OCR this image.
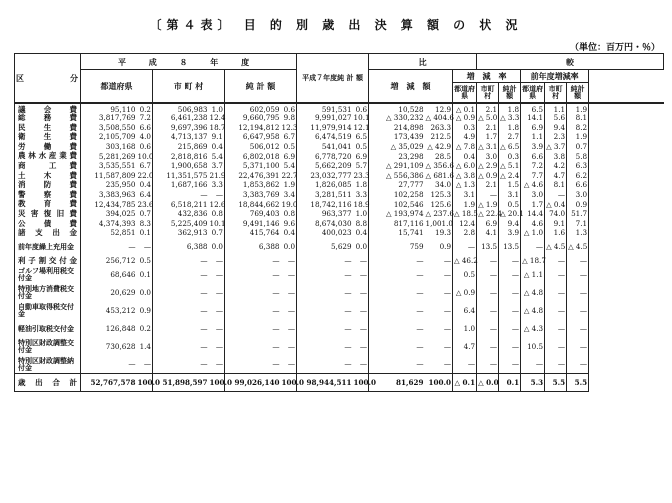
〔第４表〕 目 的 別 歳 出 決 算 額 の 状 況
（単位：百万円・％）
区　　分	平 成 ８ 年 度						平成７年度純 計 額		比			較				
	都道府県		市 町 村		純 計 額				増　減　額		増　減　率			前年度増減率		
											都道府県	市町村	純計額	都道府県	市町村	純計額
議　会　費	95,110	0.2	506,983	1.0	602,059	0.6	591,531	0.6	10,528	12.9	△ 0.1	2.1	1.8	6.5	1.1	1.9
総　務　費	3,817,769	7.2	6,461,238	12.4	9,660,795	9.8	9,991,027	10.1	△ 330,232	△ 404.6	△ 0.9	△ 5.0	△ 3.3	14.1	5.6	8.1
民　生　費	3,508,550	6.6	9,697,396	18.7	12,194,812	12.3	11,979,914	12.1	214,898	263.3	0.3	2.1	1.8	6.9	9.4	8.2
衛　生　費	2,105,709	4.0	4,713,137	9.1	6,647,958	6.7	6,474,519	6.5	173,439	212.5	4.9	1.7	2.7	1.1	2.3	1.9
労　働　費	303,168	0.6	215,869	0.4	506,012	0.5	541,041	0.5	△ 35,029	△ 42.9	△ 7.8	△ 3.1	△ 6.5	3.9	△ 3.7	0.7
農林水産業費	5,281,269	10.0	2,818,816	5.4	6,802,018	6.9	6,778,720	6.9	23,298	28.5	0.4	3.0	0.3	6.6	3.8	5.8
商　　工　費	3,535,551	6.7	1,900,658	3.7	5,371,100	5.4	5,662,209	5.7	△ 291,109	△ 356.6	△ 6.0	△ 2.9	△ 5.1	7.2	4.2	6.3
土　木　費	11,587,809	22.0	11,351,575	21.9	22,476,391	22.7	23,032,777	23.3	△ 556,386	△ 681.6	△ 3.8	△ 0.9	△ 2.4	7.7	4.7	6.2
消　防　費	235,950	0.4	1,687,166	3.3	1,853,862	1.9	1,826,085	1.8	27,777	34.0	△ 1.3	2.1	1.5	△ 4.6	8.1	6.6
警　察　費	3,383,963	6.4	—	—	3,383,769	3.4	3,281,511	3.3	102,258	125.3	3.1	—	3.1	3.0	—	3.0
教　育　費	12,434,785	23.6	6,518,211	12.6	18,844,662	19.0	18,742,116	18.9	102,546	125.6	1.9	△ 1.9	0.5	1.7	△ 0.4	0.9
災害復旧費	394,025	0.7	432,836	0.8	769,403	0.8	963,377	1.0	△ 193,974	△ 237.6	△ 18.5	△ 22.4	△ 20.1	14.4	74.0	51.7
公　債　費	4,374,393	8.3	5,225,409	10.1	9,491,146	9.6	8,674,030	8.8	817,116	1,001.0	12.4	6.9	9.4	4.6	9.1	7.1
諸　支　出　金	52,851	0.1	362,913	0.7	415,764	0.4	400,023	0.4	15,741	19.3	2.8	4.1	3.9	△ 1.0	1.6	1.3
前年度繰上充用金	—	—	6,388	0.0	6,388	0.0	5,629	0.0	759	0.9	—	13.5	13.5	—	△ 4.5	△ 4.5
利子割交付金	256,712	0.5	—	—	—	—	—	—	—	—	△ 46.2	—	—	△ 18.7	—	—
ゴルフ場利用税交付金	68,646	0.1	—	—	—	—	—	—	—	—	0.5	—	—	△ 1.1	—	—
特別地方消費税交付金	20,629	0.0	—	—	—	—	—	—	—	—	△ 0.9	—	—	△ 4.8	—	—
自動車取得税交付金	453,212	0.9	—	—	—	—	—	—	—	—	6.4	—	—	△ 4.8	—	—
軽油引取税交付金	126,848	0.2	—	—	—	—	—	—	—	—	1.0	—	—	△ 4.3	—	—
特別区財政調整交付金	730,628	1.4	—	—	—	—	—	—	—	—	4.7	—	—	10.5	—	—
特別区財政調整納付金	—	—	—	—	—	—	—	—	—	—	—	—	—	—	—	—
歳　出　合　計	52,767,578	100.0	51,898,597	100.0	99,026,140	100.0	98,944,511	100.0	81,629	100.0	△ 0.1	△ 0.0	0.1	5.3	5.5	5.5
